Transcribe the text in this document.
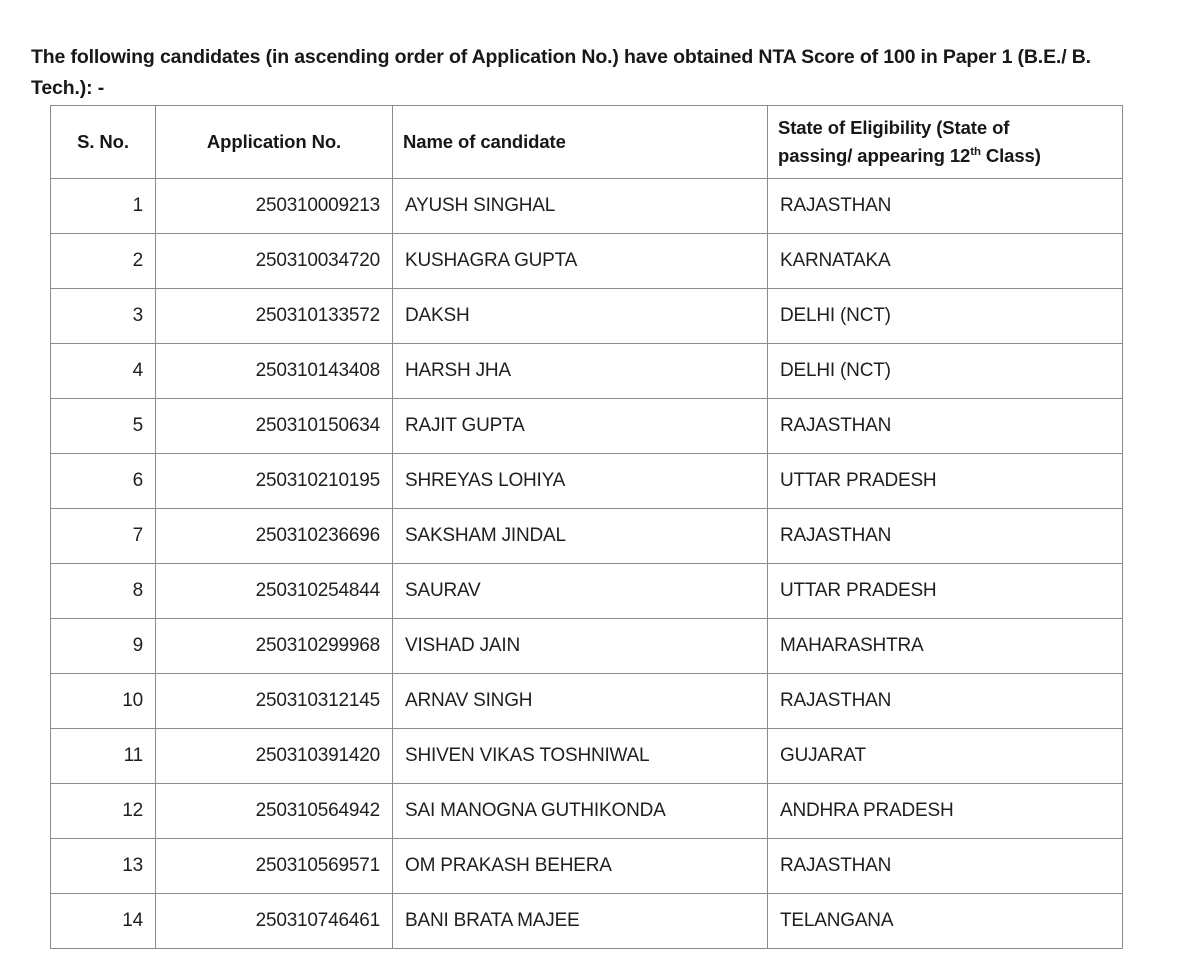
The following candidates (in ascending order of Application No.) have obtained NTA Score of 100 in Paper 1 (B.E./ B. Tech.): -

S. No.	Application No.	Name of candidate	State of Eligibility (State of
passing/ appearing 12th Class)
1	250310009213	AYUSH SINGHAL	RAJASTHAN
2	250310034720	KUSHAGRA GUPTA	KARNATAKA
3	250310133572	DAKSH	DELHI (NCT)
4	250310143408	HARSH JHA	DELHI (NCT)
5	250310150634	RAJIT GUPTA	RAJASTHAN
6	250310210195	SHREYAS LOHIYA	UTTAR PRADESH
7	250310236696	SAKSHAM JINDAL	RAJASTHAN
8	250310254844	SAURAV	UTTAR PRADESH
9	250310299968	VISHAD JAIN	MAHARASHTRA
10	250310312145	ARNAV SINGH	RAJASTHAN
11	250310391420	SHIVEN VIKAS TOSHNIWAL	GUJARAT
12	250310564942	SAI MANOGNA GUTHIKONDA	ANDHRA PRADESH
13	250310569571	OM PRAKASH BEHERA	RAJASTHAN
14	250310746461	BANI BRATA MAJEE	TELANGANA
